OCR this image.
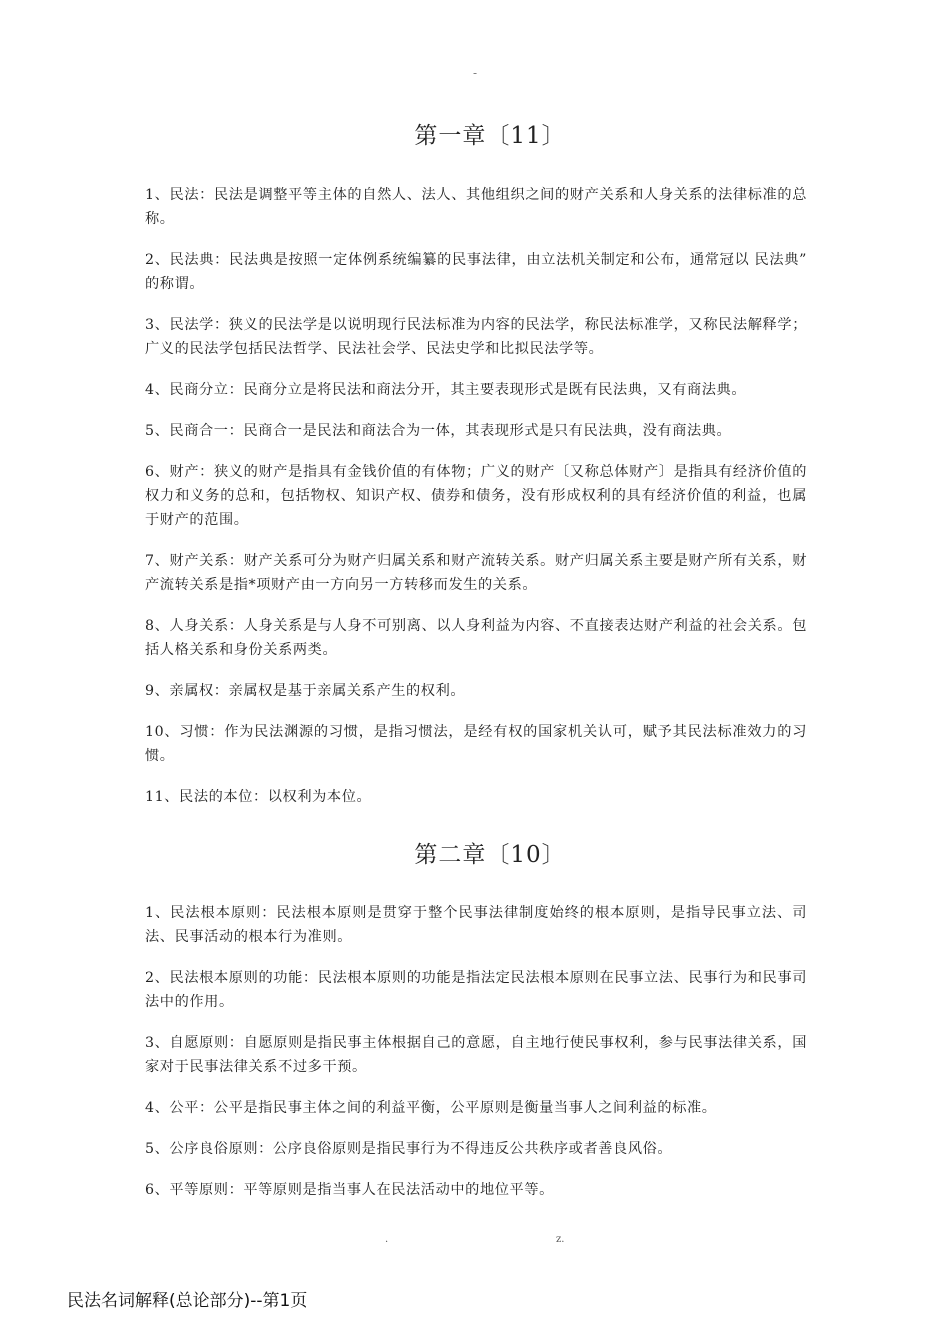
-
第一章〔11〕

1、民法：民法是调整平等主体的自然人、法人、其他组织之间的财产关系和人身关系的法律标准的总称。

2、民法典：民法典是按照一定体例系统编纂的民事法律，由立法机关制定和公布，通常冠以 民法典” 的称谓。

3、民法学：狭义的民法学是以说明现行民法标准为内容的民法学，称民法标准学，又称民法解释学；广义的民法学包括民法哲学、民法社会学、民法史学和比拟民法学等。

4、民商分立：民商分立是将民法和商法分开，其主要表现形式是既有民法典，又有商法典。

5、民商合一：民商合一是民法和商法合为一体，其表现形式是只有民法典，没有商法典。

6、财产：狭义的财产是指具有金钱价值的有体物；广义的财产〔又称总体财产〕是指具有经济价值的权力和义务的总和，包括物权、知识产权、债券和债务，没有形成权利的具有经济价值的利益，也属于财产的范围。

7、财产关系：财产关系可分为财产归属关系和财产流转关系。财产归属关系主要是财产所有关系，财产流转关系是指*项财产由一方向另一方转移而发生的关系。

8、人身关系：人身关系是与人身不可别离、以人身利益为内容、不直接表达财产利益的社会关系。包括人格关系和身份关系两类。

9、亲属权：亲属权是基于亲属关系产生的权利。

10、习惯：作为民法渊源的习惯，是指习惯法，是经有权的国家机关认可，赋予其民法标准效力的习惯。

11、民法的本位：以权利为本位。

第二章〔10〕

1、民法根本原则：民法根本原则是贯穿于整个民事法律制度始终的根本原则，是指导民事立法、司法、民事活动的根本行为准则。

2、民法根本原则的功能：民法根本原则的功能是指法定民法根本原则在民事立法、民事行为和民事司法中的作用。

3、自愿原则：自愿原则是指民事主体根据自己的意愿，自主地行使民事权利，参与民事法律关系，国家对于民事法律关系不过多干预。

4、公平：公平是指民事主体之间的利益平衡，公平原则是衡量当事人之间利益的标准。

5、公序良俗原则：公序良俗原则是指民事行为不得违反公共秩序或者善良风俗。

6、平等原则：平等原则是指当事人在民法活动中的地位平等。

.	z.
民法名词解释(总论部分)--第1页
